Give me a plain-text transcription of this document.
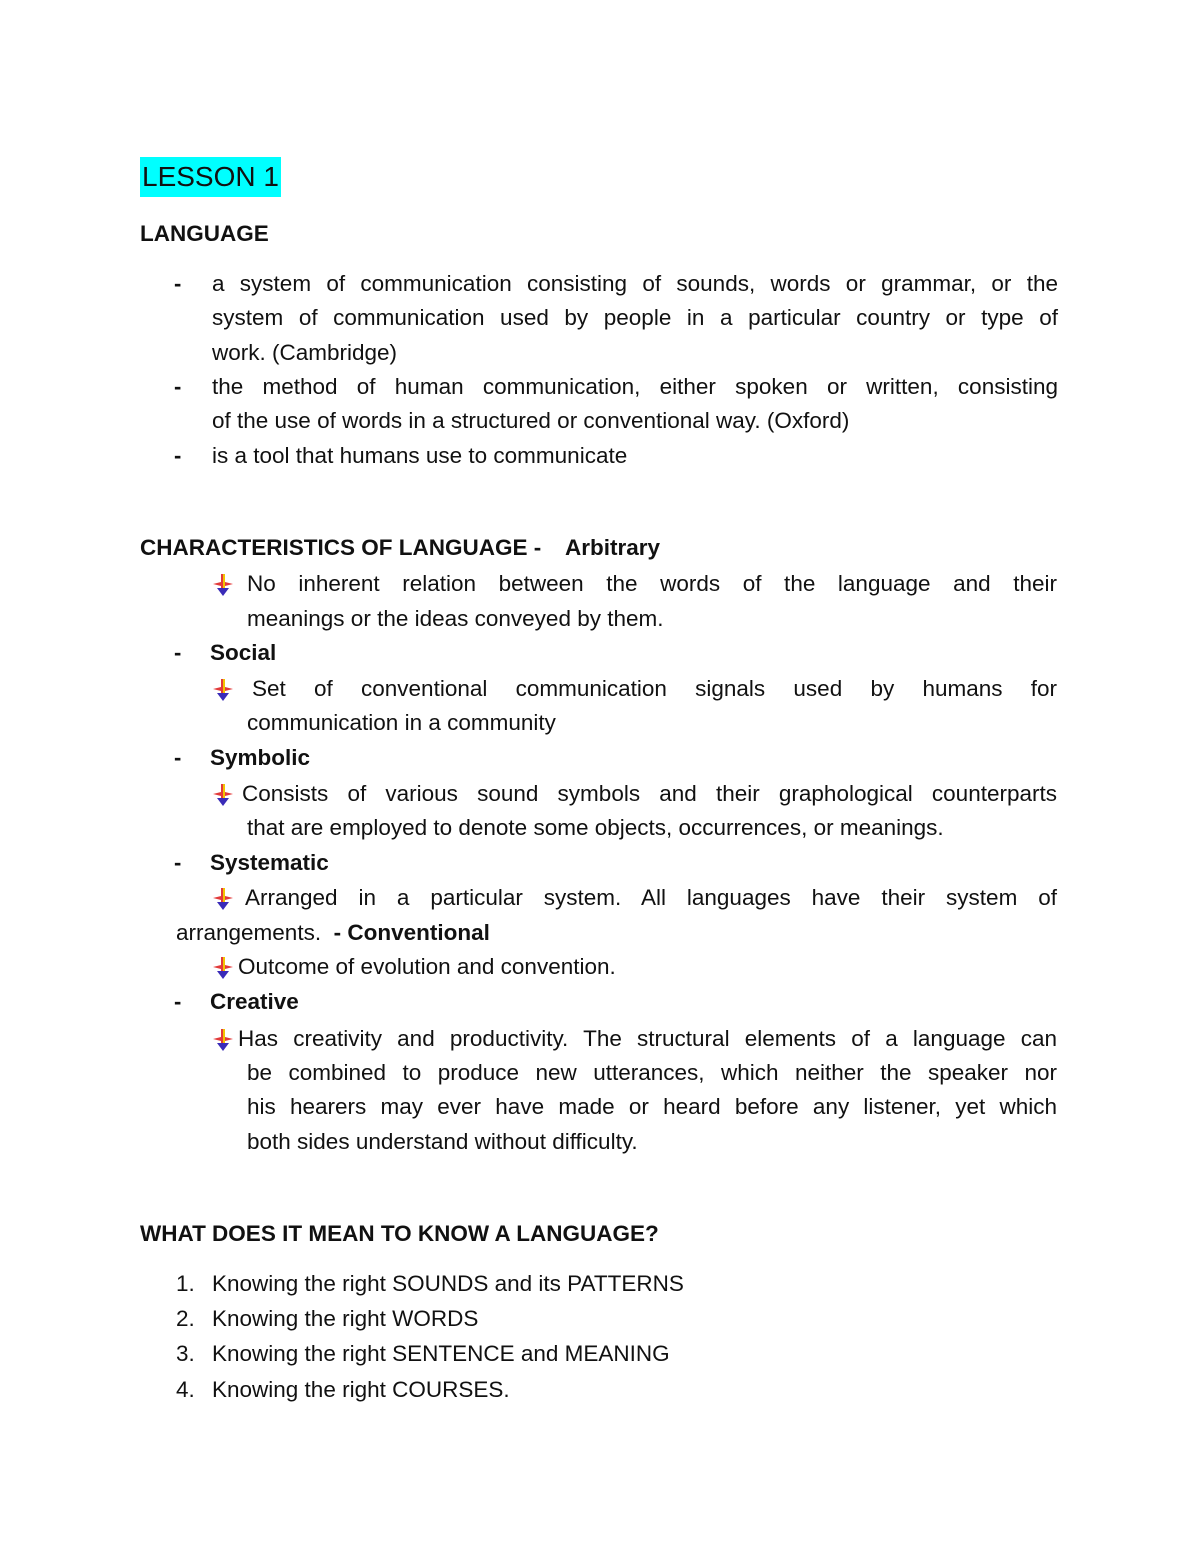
LESSON 1
LANGUAGE
- a system of communication consisting of sounds, words or grammar, or the
system of communication used by people in a particular country or type of
work. (Cambridge)
- the method of human communication, either spoken or written, consisting
of the use of words in a structured or conventional way. (Oxford)
- is a tool that humans use to communicate
CHARACTERISTICS OF LANGUAGE - Arbitrary
No inherent relation between the words of the language and their
meanings or the ideas conveyed by them.
- Social
Set of conventional communication signals used by humans for
communication in a community
- Symbolic
Consists of various sound symbols and their graphological counterparts
that are employed to denote some objects, occurrences, or meanings.
- Systematic
Arranged in a particular system. All languages have their system of
arrangements. - Conventional
Outcome of evolution and convention.
- Creative
Has creativity and productivity. The structural elements of a language can
be combined to produce new utterances, which neither the speaker nor
his hearers may ever have made or heard before any listener, yet which
both sides understand without difficulty.
WHAT DOES IT MEAN TO KNOW A LANGUAGE?
1. Knowing the right SOUNDS and its PATTERNS
2. Knowing the right WORDS
3. Knowing the right SENTENCE and MEANING
4. Knowing the right COURSES.
